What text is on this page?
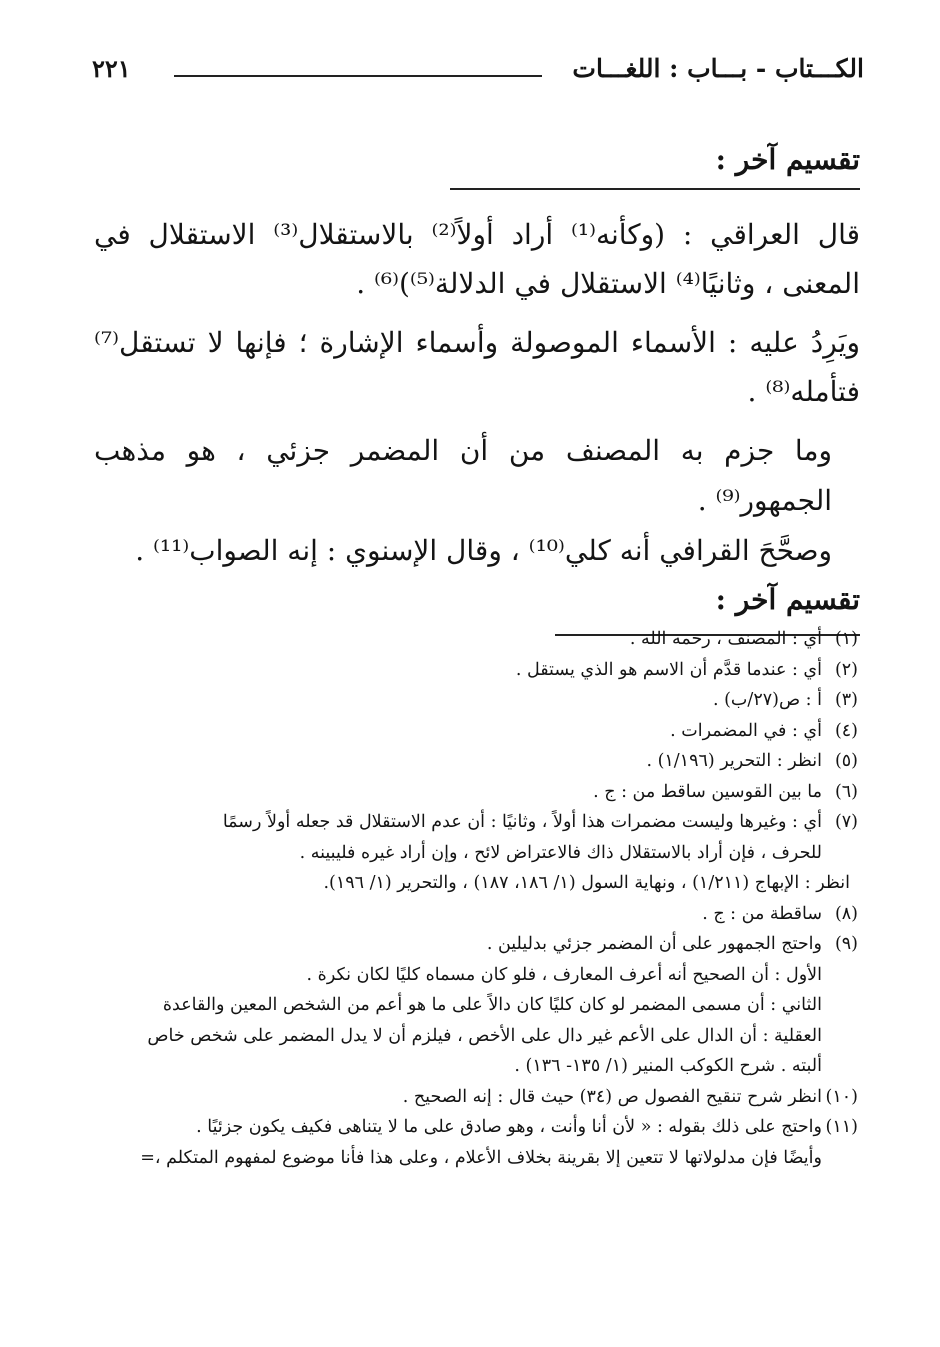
الكـــتاب - بـــاب : اللغـــات
٢٢١
تقسيم آخر :

قال العراقي : (وكأنه⁽¹⁾ أراد أولاً⁽²⁾ بالاستقلال⁽³⁾ الاستقلال في المعنى ، وثانيًا⁽⁴⁾ الاستقلال في الدلالة⁽⁵⁾)⁽⁶⁾ .

ويَرِدُ عليه : الأسماء الموصولة وأسماء الإشارة ؛ فإنها لا تستقل⁽⁷⁾ فتأمله⁽⁸⁾ .

وما جزم به المصنف من أن المضمر جزئي ، هو مذهب الجمهور⁽⁹⁾ .

وصحَّحَ القرافي أنه كلي⁽¹⁰⁾ ، وقال الإسنوي : إنه الصواب⁽¹¹⁾ .

تقسيم آخر :
(١)
أي : المصنف ، رحمه الله .
(٢)
أي : عندما قدَّم أن الاسم هو الذي يستقل .
(٣)
أ : ص(٢٧/ب) .
(٤)
أي : في المضمرات .
(٥)
انظر : التحرير (١/١٩٦) .
(٦)
ما بين القوسين ساقط من : ج .
(٧)
أي : وغيرها وليست مضمرات هذا أولاً ، وثانيًا : أن عدم الاستقلال قد جعله أولاً رسمًا
للحرف ، فإن أراد بالاستقلال ذاك فالاعتراض لائح ، وإن أراد غيره فليبينه .
انظر : الإبهاج (١/٢١١) ، ونهاية السول (١/ ١٨٦، ١٨٧) ، والتحرير (١/ ١٩٦).
(٨)
ساقطة من : ج .
(٩)
واحتج الجمهور على أن المضمر جزئي بدليلين .
الأول : أن الصحيح أنه أعرف المعارف ، فلو كان مسماه كليًا لكان نكرة .
الثاني : أن مسمى المضمر لو كان كليًا كان دالاً على ما هو أعم من الشخص المعين والقاعدة
العقلية : أن الدال على الأعم غير دال على الأخص ، فيلزم أن لا يدل المضمر على شخص خاص
ألبته . شرح الكوكب المنير (١/ ١٣٥- ١٣٦) .
(١٠)
انظر شرح تنقيح الفصول ص (٣٤) حيث قال : إنه الصحيح .
(١١)
واحتج على ذلك بقوله : « لأن أنا وأنت ، وهو صادق على ما لا يتناهى فكيف يكون جزئيًا .
وأيضًا فإن مدلولاتها لا تتعين إلا بقرينة بخلاف الأعلام ، وعلى هذا فأنا موضوع لمفهوم المتكلم ،=
